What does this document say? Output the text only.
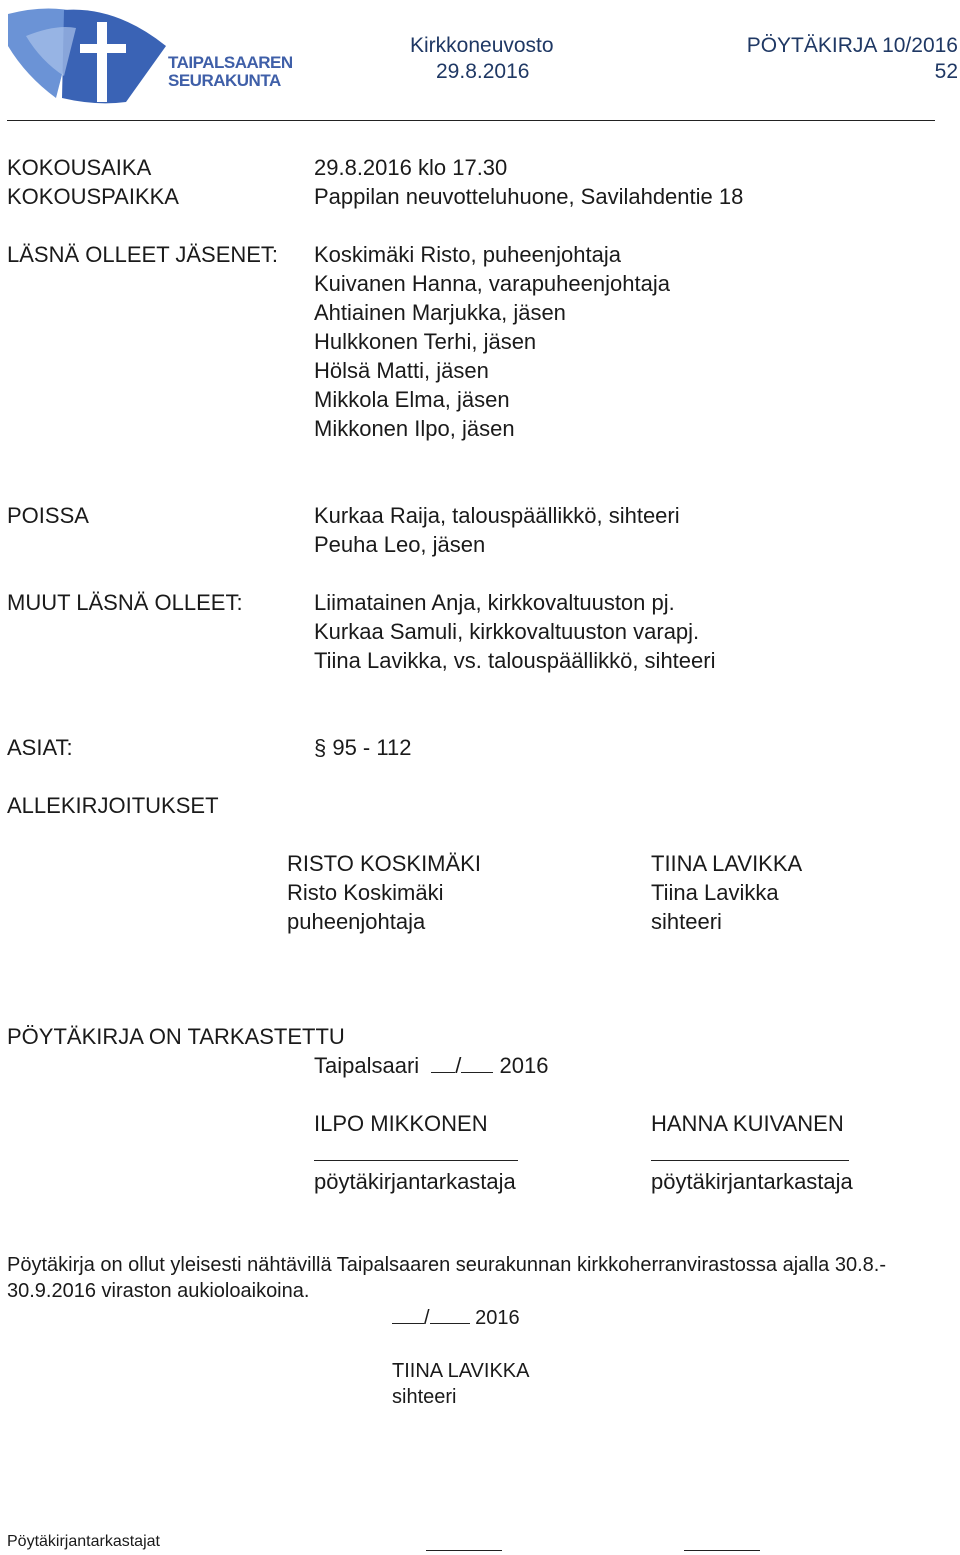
TAIPALSAAREN
SEURAKUNTA
Kirkkoneuvosto
29.8.2016
PÖYTÄKIRJA 10/2016
52
KOKOUSAIKA	29.8.2016 klo 17.30
KOKOUSPAIKKA	Pappilan neuvotteluhuone, Savilahdentie 18
LÄSNÄ OLLEET JÄSENET: Koskimäki Risto, puheenjohtaja
Kuivanen Hanna, varapuheenjohtaja
Ahtiainen Marjukka, jäsen
Hulkkonen Terhi, jäsen
Hölsä Matti, jäsen
Mikkola Elma, jäsen
Mikkonen Ilpo, jäsen
POISSA	Kurkaa Raija, talouspäällikkö, sihteeri
Peuha Leo, jäsen
MUUT LÄSNÄ OLLEET:	Liimatainen Anja, kirkkovaltuuston pj.
Kurkaa Samuli, kirkkovaltuuston varapj.
Tiina Lavikka, vs. talouspäällikkö, sihteeri
ASIAT:	§ 95 - 112
ALLEKIRJOITUKSET
RISTO KOSKIMÄKI
Risto Koskimäki
puheenjohtaja
TIINA LAVIKKA
Tiina Lavikka
sihteeri
PÖYTÄKIRJA ON TARKASTETTU
Taipalsaari / 2016
ILPO MIKKONEN
pöytäkirjantarkastaja
HANNA KUIVANEN
pöytäkirjantarkastaja
Pöytäkirja on ollut yleisesti nähtävillä Taipalsaaren seurakunnan kirkkoherranvirastossa ajalla 30.8.-
30.9.2016 viraston aukioloaikoina.
/ 2016
TIINA LAVIKKA
sihteeri
Pöytäkirjantarkastajat
